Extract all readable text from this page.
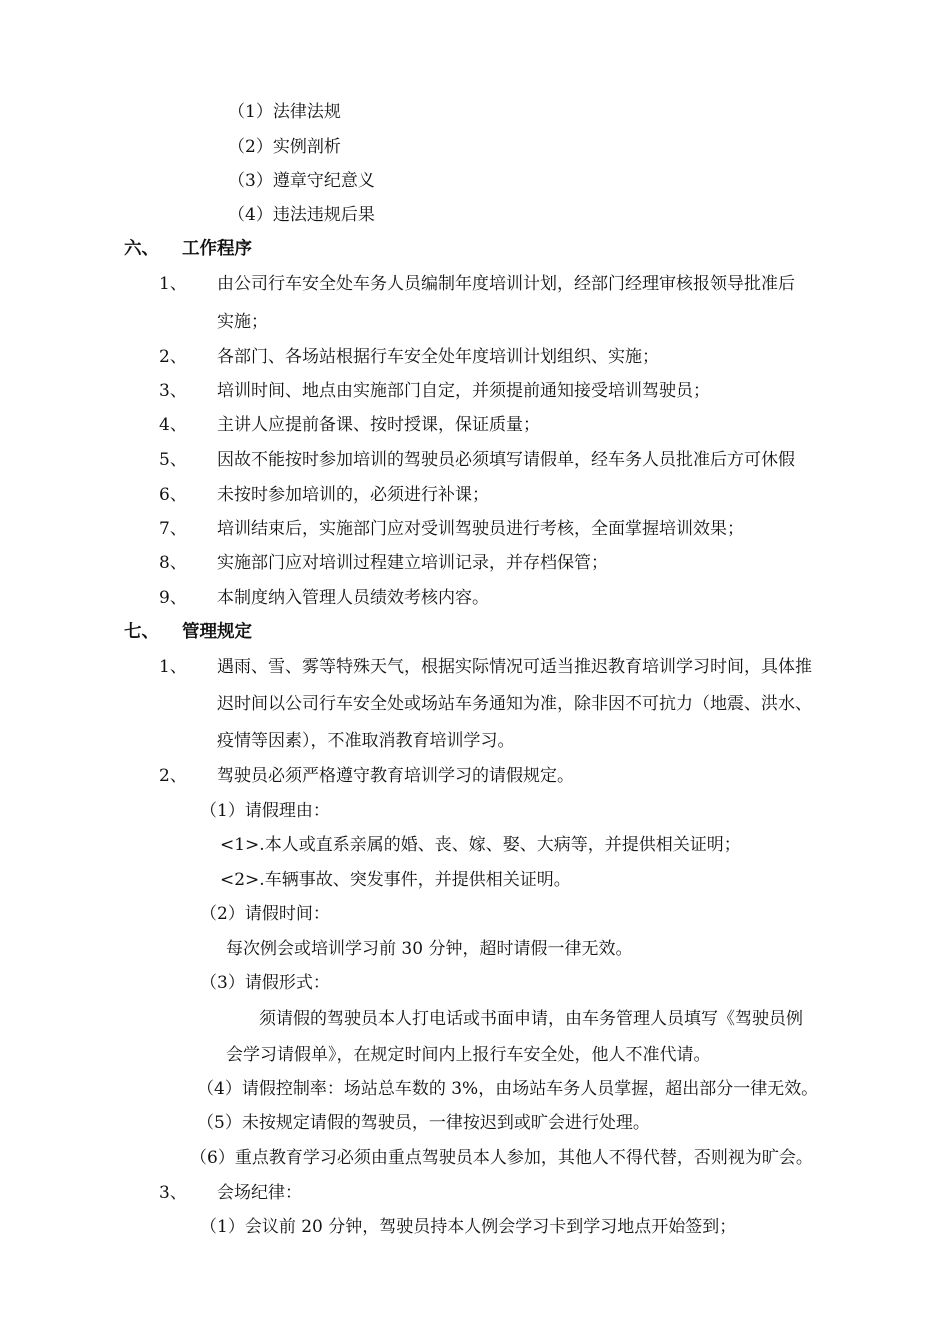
（1）法律法规
（2）实例剖析
（3）遵章守纪意义
（4）违法违规后果
六、 工作程序
1、 由公司行车安全处车务人员编制年度培训计划，经部门经理审核报领导批准后
实施；
2、 各部门、各场站根据行车安全处年度培训计划组织、实施；
3、 培训时间、地点由实施部门自定，并须提前通知接受培训驾驶员；
4、 主讲人应提前备课、按时授课，保证质量；
5、 因故不能按时参加培训的驾驶员必须填写请假单，经车务人员批准后方可休假
6、 未按时参加培训的，必须进行补课；
7、 培训结束后，实施部门应对受训驾驶员进行考核，全面掌握培训效果；
8、 实施部门应对培训过程建立培训记录，并存档保管；
9、 本制度纳入管理人员绩效考核内容。
七、 管理规定
1、 遇雨、雪、雾等特殊天气，根据实际情况可适当推迟教育培训学习时间，具体推
迟时间以公司行车安全处或场站车务通知为准，除非因不可抗力（地震、洪水、
疫情等因素），不准取消教育培训学习。
2、 驾驶员必须严格遵守教育培训学习的请假规定。
（1）请假理由：
<1>.本人或直系亲属的婚、丧、嫁、娶、大病等，并提供相关证明；
<2>.车辆事故、突发事件，并提供相关证明。
（2）请假时间：
每次例会或培训学习前 30 分钟，超时请假一律无效。
（3）请假形式：
须请假的驾驶员本人打电话或书面申请，由车务管理人员填写《驾驶员例
会学习请假单》，在规定时间内上报行车安全处，他人不准代请。
（4）请假控制率：场站总车数的 3%，由场站车务人员掌握，超出部分一律无效。
（5）未按规定请假的驾驶员，一律按迟到或旷会进行处理。
（6）重点教育学习必须由重点驾驶员本人参加，其他人不得代替，否则视为旷会。
3、 会场纪律：
（1）会议前 20 分钟，驾驶员持本人例会学习卡到学习地点开始签到；
